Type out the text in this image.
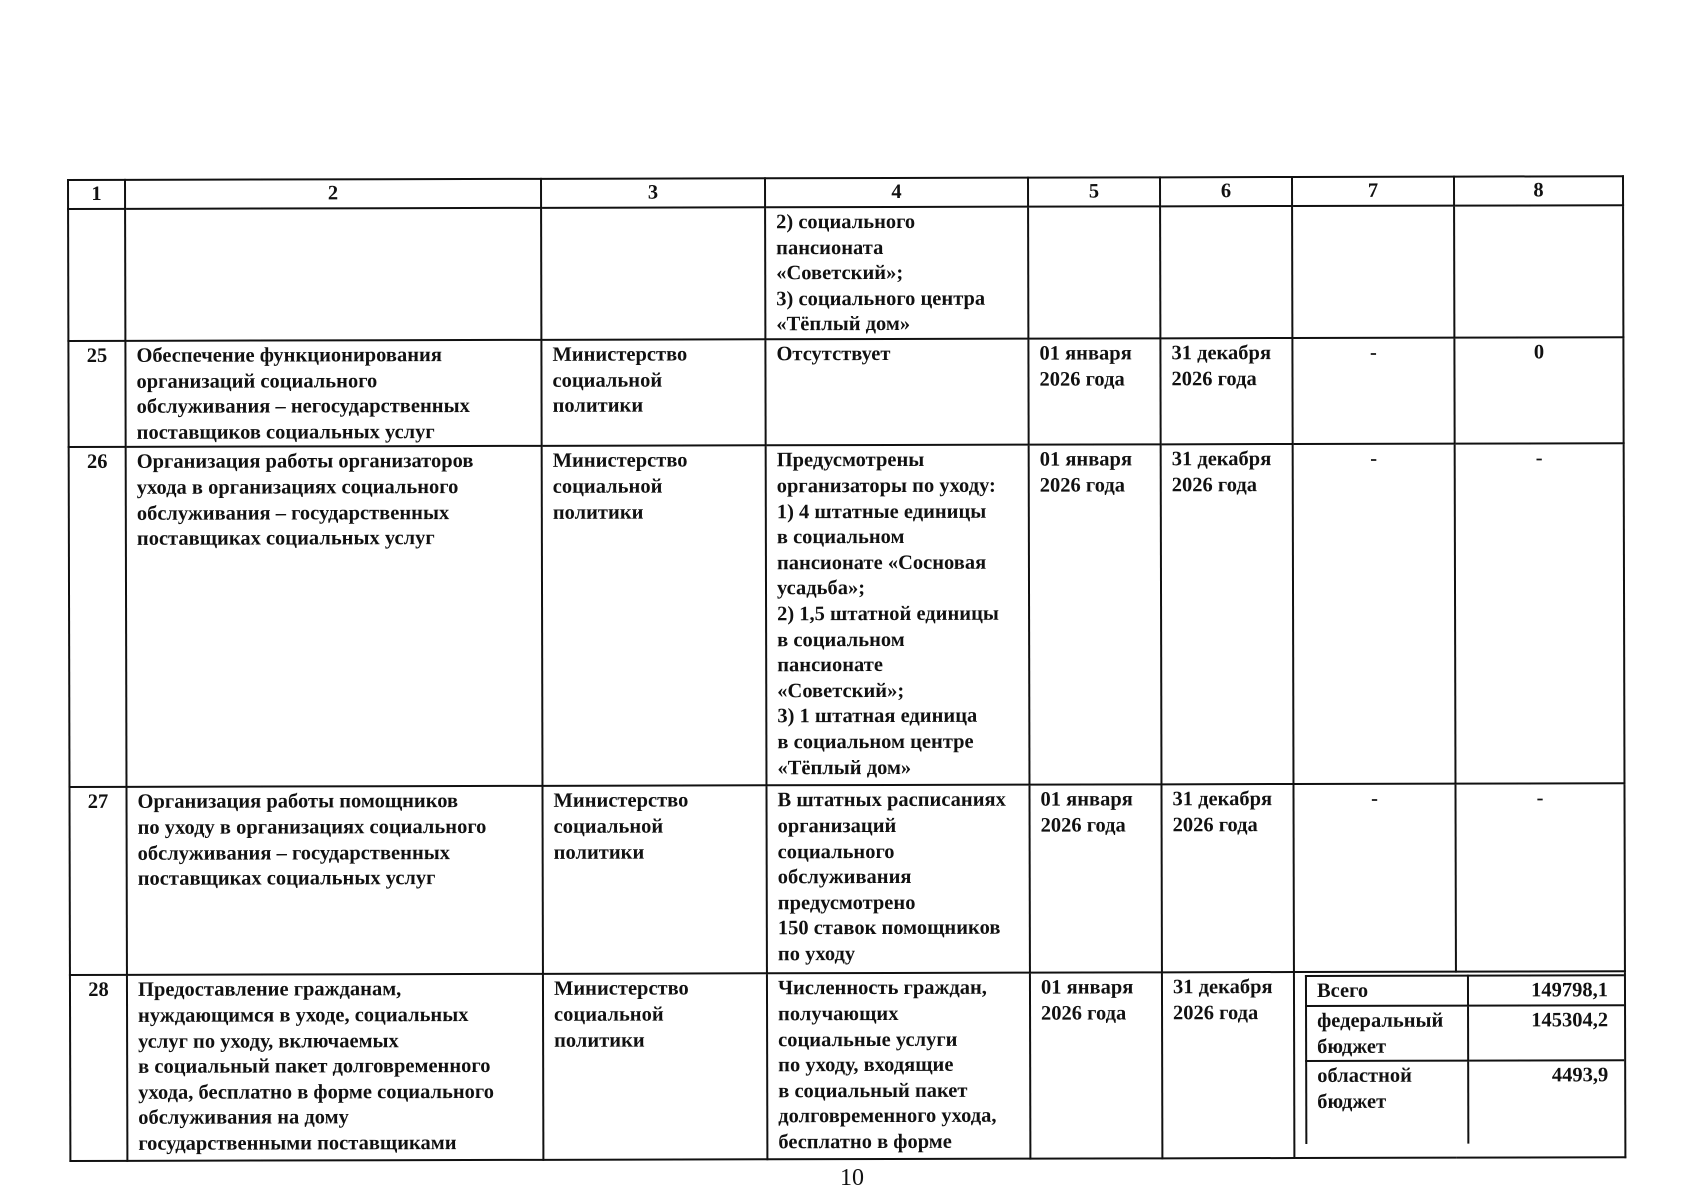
1	2	3	4	5	6	7	8
			2) социального
пансионата
«Советский»;
3) социального центра
«Тёплый дом»				
25	Обеспечение функционирования
организаций социального
обслуживания – негосударственных
поставщиков социальных услуг	Министерство
социальной
политики	Отсутствует	01 января
2026 года	31 декабря
2026 года	-	0
26	Организация работы организаторов
ухода в организациях социального
обслуживания – государственных
поставщиках социальных услуг	Министерство
социальной
политики	Предусмотрены
организаторы по уходу:
1) 4 штатные единицы
в социальном
пансионате «Сосновая
усадьба»;
2) 1,5 штатной единицы
в социальном
пансионате
«Советский»;
3) 1 штатная единица
в социальном центре
«Тёплый дом»	01 января
2026 года	31 декабря
2026 года	-	-
27	Организация работы помощников
по уходу в организациях социального
обслуживания – государственных
поставщиках социальных услуг	Министерство
социальной
политики	В штатных расписаниях
организаций
социального
обслуживания
предусмотрено
150 ставок помощников
по уходу	01 января
2026 года	31 декабря
2026 года	-	-
28	Предоставление гражданам,
нуждающимся в уходе, социальных
услуг по уходу, включаемых
в социальный пакет долговременного
ухода, бесплатно в форме социального
обслуживания на дому
государственными поставщиками	Министерство
социальной
политики	Численность граждан,
получающих
социальные услуги
по уходу, входящие
в социальный пакет
долговременного ухода,
бесплатно в форме	01 января
2026 года	31 декабря
2026 года	
Всего	149798,1
федеральный
бюджет	145304,2
областной
бюджет	4493,9
10
